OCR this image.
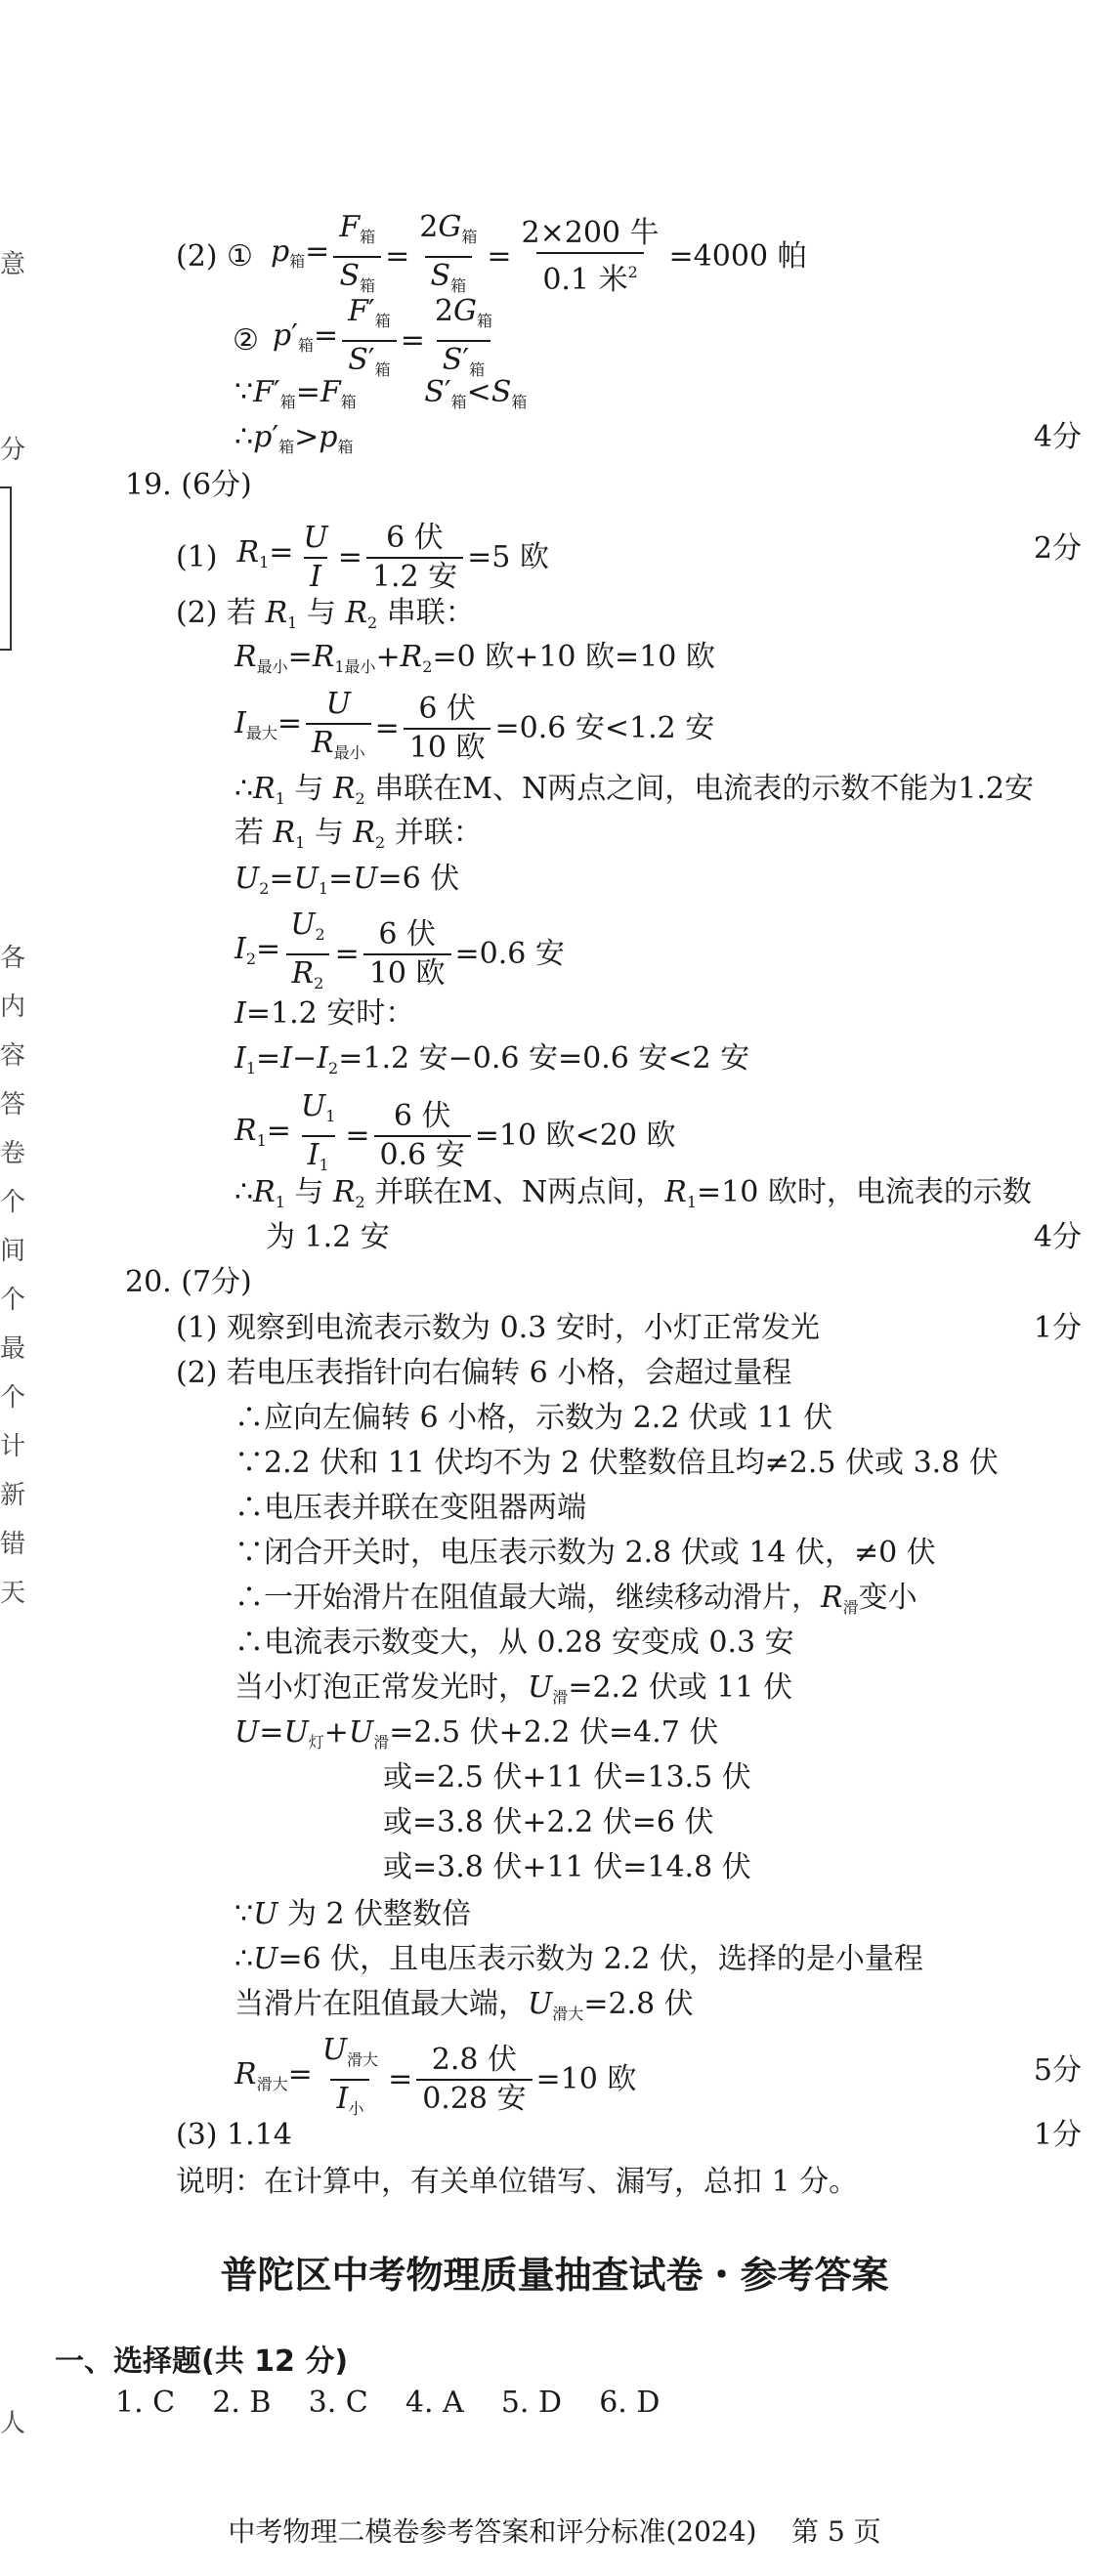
意
分
各
内
容
答
卷
个
间
个
最
个
计
新
错
天
人
(2) ① $p_箱= \frac{F_箱}{S_箱} = \frac{2G_箱}{S_箱} = \frac{\text{2×200 牛}}{0.1 米^2} =4000$ 帕
② $p'_箱= \frac{F'_箱}{S'_箱} = \frac{2G_箱}{S'_箱}$
$\because F'_箱=F_箱$ $S'_箱<S_箱$
$\therefore p'_箱>p_箱$	4分
19. (6分)
(1) $R_1= \frac{U}{I} = \frac{\text{6 伏}}{\text{1.2 安}} =5$ 欧	2分
(2) 若 $R_1$ 与 $R_2$ 串联：
$R_{最小}=R_{1最小}+R_2=0$ 欧+10 欧=10 欧
$I_{最大}= \frac{U}{R_{最小}} = \frac{\text{6 伏}}{\text{10 欧}} =0.6$ 安<1.2 安
$\therefore R_1$ 与 $R_2$ 串联在M、N两点之间，电流表的示数不能为1.2安
若 $R_1$ 与 $R_2$ 并联：
$U_2=U_1=U=6$ 伏
$I_2= \frac{U_2}{R_2} = \frac{\text{6 伏}}{\text{10 欧}} =0.6$ 安
I=1.2 安时：
$I_1=I-I_2=1.2$ 安−0.6 安=0.6 安<2 安
$R_1= \frac{U_1}{I_1} = \frac{\text{6 伏}}{\text{0.6 安}} =10$ 欧<20 欧
$\therefore R_1$ 与 $R_2$ 并联在M、N两点间，$R_1=10$ 欧时，电流表的示数
为 1.2 安	4分
20. (7分)
(1) 观察到电流表示数为 0.3 安时，小灯正常发光	1分
(2) 若电压表指针向右偏转 6 小格，会超过量程
∴应向左偏转 6 小格，示数为 2.2 伏或 11 伏
∵2.2 伏和 11 伏均不为 2 伏整数倍且均≠2.5 伏或 3.8 伏
∴电压表并联在变阻器两端
∵闭合开关时，电压表示数为 2.8 伏或 14 伏，≠0 伏
∴一开始滑片在阻值最大端，继续移动滑片，$R_滑$变小
∴电流表示数变大，从 0.28 安变成 0.3 安
当小灯泡正常发光时，$U_滑=2.2$ 伏或 11 伏
$U=U_灯+U_滑=2.5$ 伏+2.2 伏=4.7 伏
或=2.5 伏+11 伏=13.5 伏
或=3.8 伏+2.2 伏=6 伏
或=3.8 伏+11 伏=14.8 伏
∵U 为 2 伏整数倍
∴U=6 伏，且电压表示数为 2.2 伏，选择的是小量程
当滑片在阻值最大端，$U_{滑大}=2.8$ 伏
$R_{滑大}= \frac{U_{滑大}}{I_小} = \frac{\text{2.8 伏}}{\text{0.28 安}} =10$ 欧	5分
(3) 1.14	1分
说明：在计算中，有关单位错写、漏写，总扣 1 分。
普陀区中考物理质量抽查试卷・参考答案
一、选择题(共 12 分)
1. C    2. B    3. C    4. A    5. D    6. D
中考物理二模卷参考答案和评分标准(2024)    第 5 页
